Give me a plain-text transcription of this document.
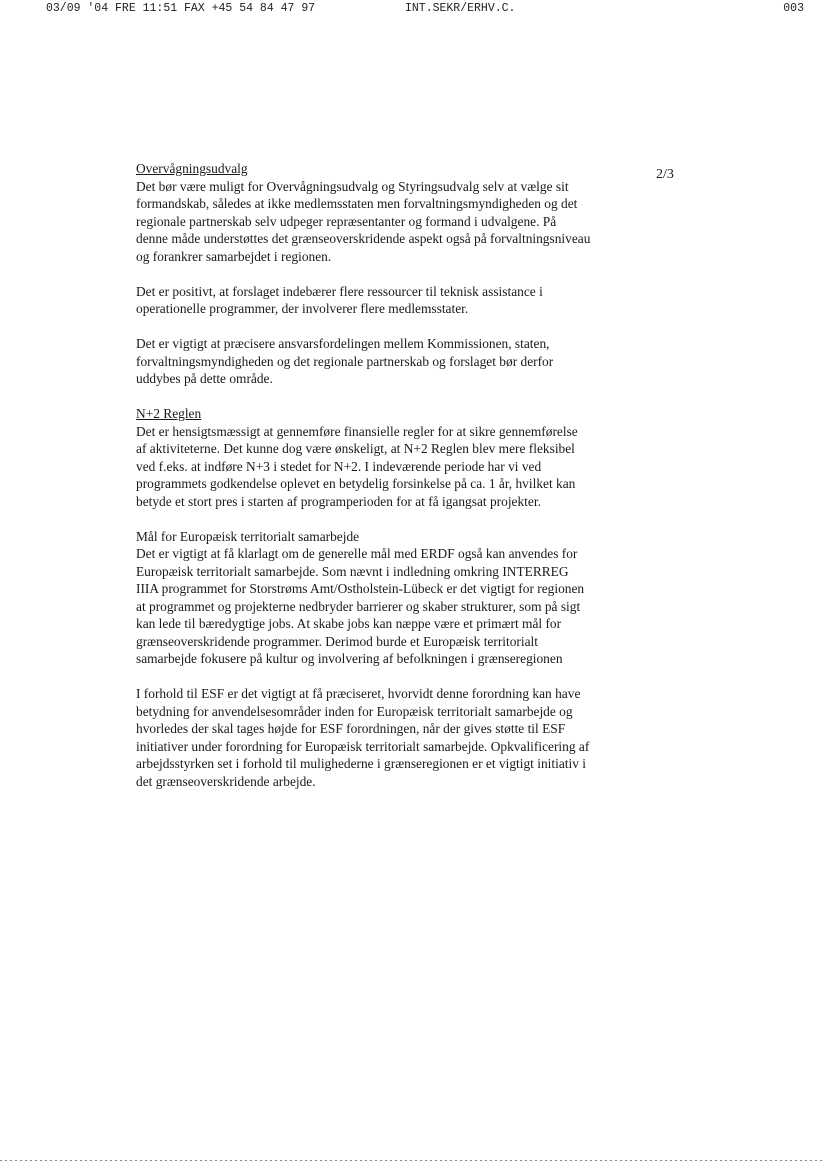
03/09 '04 FRE 11:51 FAX +45 54 84 47 97

	INT.SEKR/ERHV.C.

	003

2/3
Overvågningsudvalg
Det bør være muligt for Overvågningsudvalg og Styringsudvalg selv at vælge sit
formandskab, således at ikke medlemsstaten men forvaltningsmyndigheden og det
regionale partnerskab selv udpeger repræsentanter og formand i udvalgene. På
denne måde understøttes det grænseoverskridende aspekt også på forvaltningsniveau
og forankrer samarbejdet i regionen.
Det er positivt, at forslaget indebærer flere ressourcer til teknisk assistance i
operationelle programmer, der involverer flere medlemsstater.
Det er vigtigt at præcisere ansvarsfordelingen mellem Kommissionen, staten,
forvaltningsmyndigheden og det regionale partnerskab og forslaget bør derfor
uddybes på dette område.
N+2 Reglen
Det er hensigtsmæssigt at gennemføre finansielle regler for at sikre gennemførelse
af aktiviteterne. Det kunne dog være ønskeligt, at N+2 Reglen blev mere fleksibel
ved f.eks. at indføre N+3 i stedet for N+2. I indeværende periode har vi ved
programmets godkendelse oplevet en betydelig forsinkelse på ca. 1 år, hvilket kan
betyde et stort pres i starten af programperioden for at få igangsat projekter.
Mål for Europæisk territorialt samarbejde
Det er vigtigt at få klarlagt om de generelle mål med ERDF også kan anvendes for
Europæisk territorialt samarbejde. Som nævnt i indledning omkring INTERREG
IIIA programmet for Storstrøms Amt/Ostholstein-Lübeck er det vigtigt for regionen
at programmet og projekterne nedbryder barrierer og skaber strukturer, som på sigt
kan lede til bæredygtige jobs. At skabe jobs kan næppe være et primært mål for
grænseoverskridende programmer. Derimod burde et Europæisk territorialt
samarbejde fokusere på kultur og involvering af befolkningen i grænseregionen
I forhold til ESF er det vigtigt at få præciseret, hvorvidt denne forordning kan have
betydning for anvendelsesområder inden for Europæisk territorialt samarbejde og
hvorledes der skal tages højde for ESF forordningen, når der gives støtte til ESF
initiativer under forordning for Europæisk territorialt samarbejde. Opkvalificering af
arbejdsstyrken set i forhold til mulighederne i grænseregionen er et vigtigt initiativ i
det grænseoverskridende arbejde.
